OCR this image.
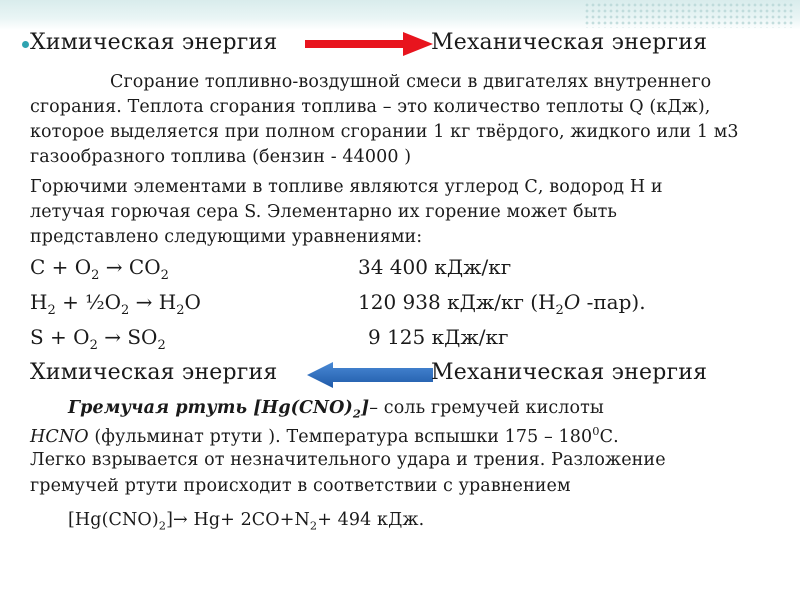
Химическая энергия	Механическая энергия
Сгорание топливно-воздушной смеси в двигателях внутреннего
сгорания. Теплота сгорания топлива – это количество теплоты Q (кДж),
которое выделяется при полном сгорании 1 кг твёрдого, жидкого или 1 м3
газообразного топлива (бензин - 44000 )
Горючими элементами в топливе являются углерод С, водород Н и
летучая горючая сера S. Элементарно их горение может быть
представлено следующими уравнениями:
$C + O_2 \to CO_2$	34 400 кДж/кг
$H_2$ + $\frac{1}{2}O_2 \to H_2O$	120 938 кДж/кг ($H_2O$ -пар).
$S + O_2 \to SO_2$	9 125 кДж/кг
Химическая энергия	Механическая энергия
Гремучая ртуть $[Hg(CNO)_2]-$ соль гремучей кислоты
HCNO (фульминат ртути ). Температура вспышки $175 - 180^0С$.
Легко взрывается от незначительного удара и трения. Разложение
гремучей ртути происходит в соответствии с уравнением
$[Hg(CNO)_2]\to Hg+ 2CO+N_2+ 494$ кДж.
